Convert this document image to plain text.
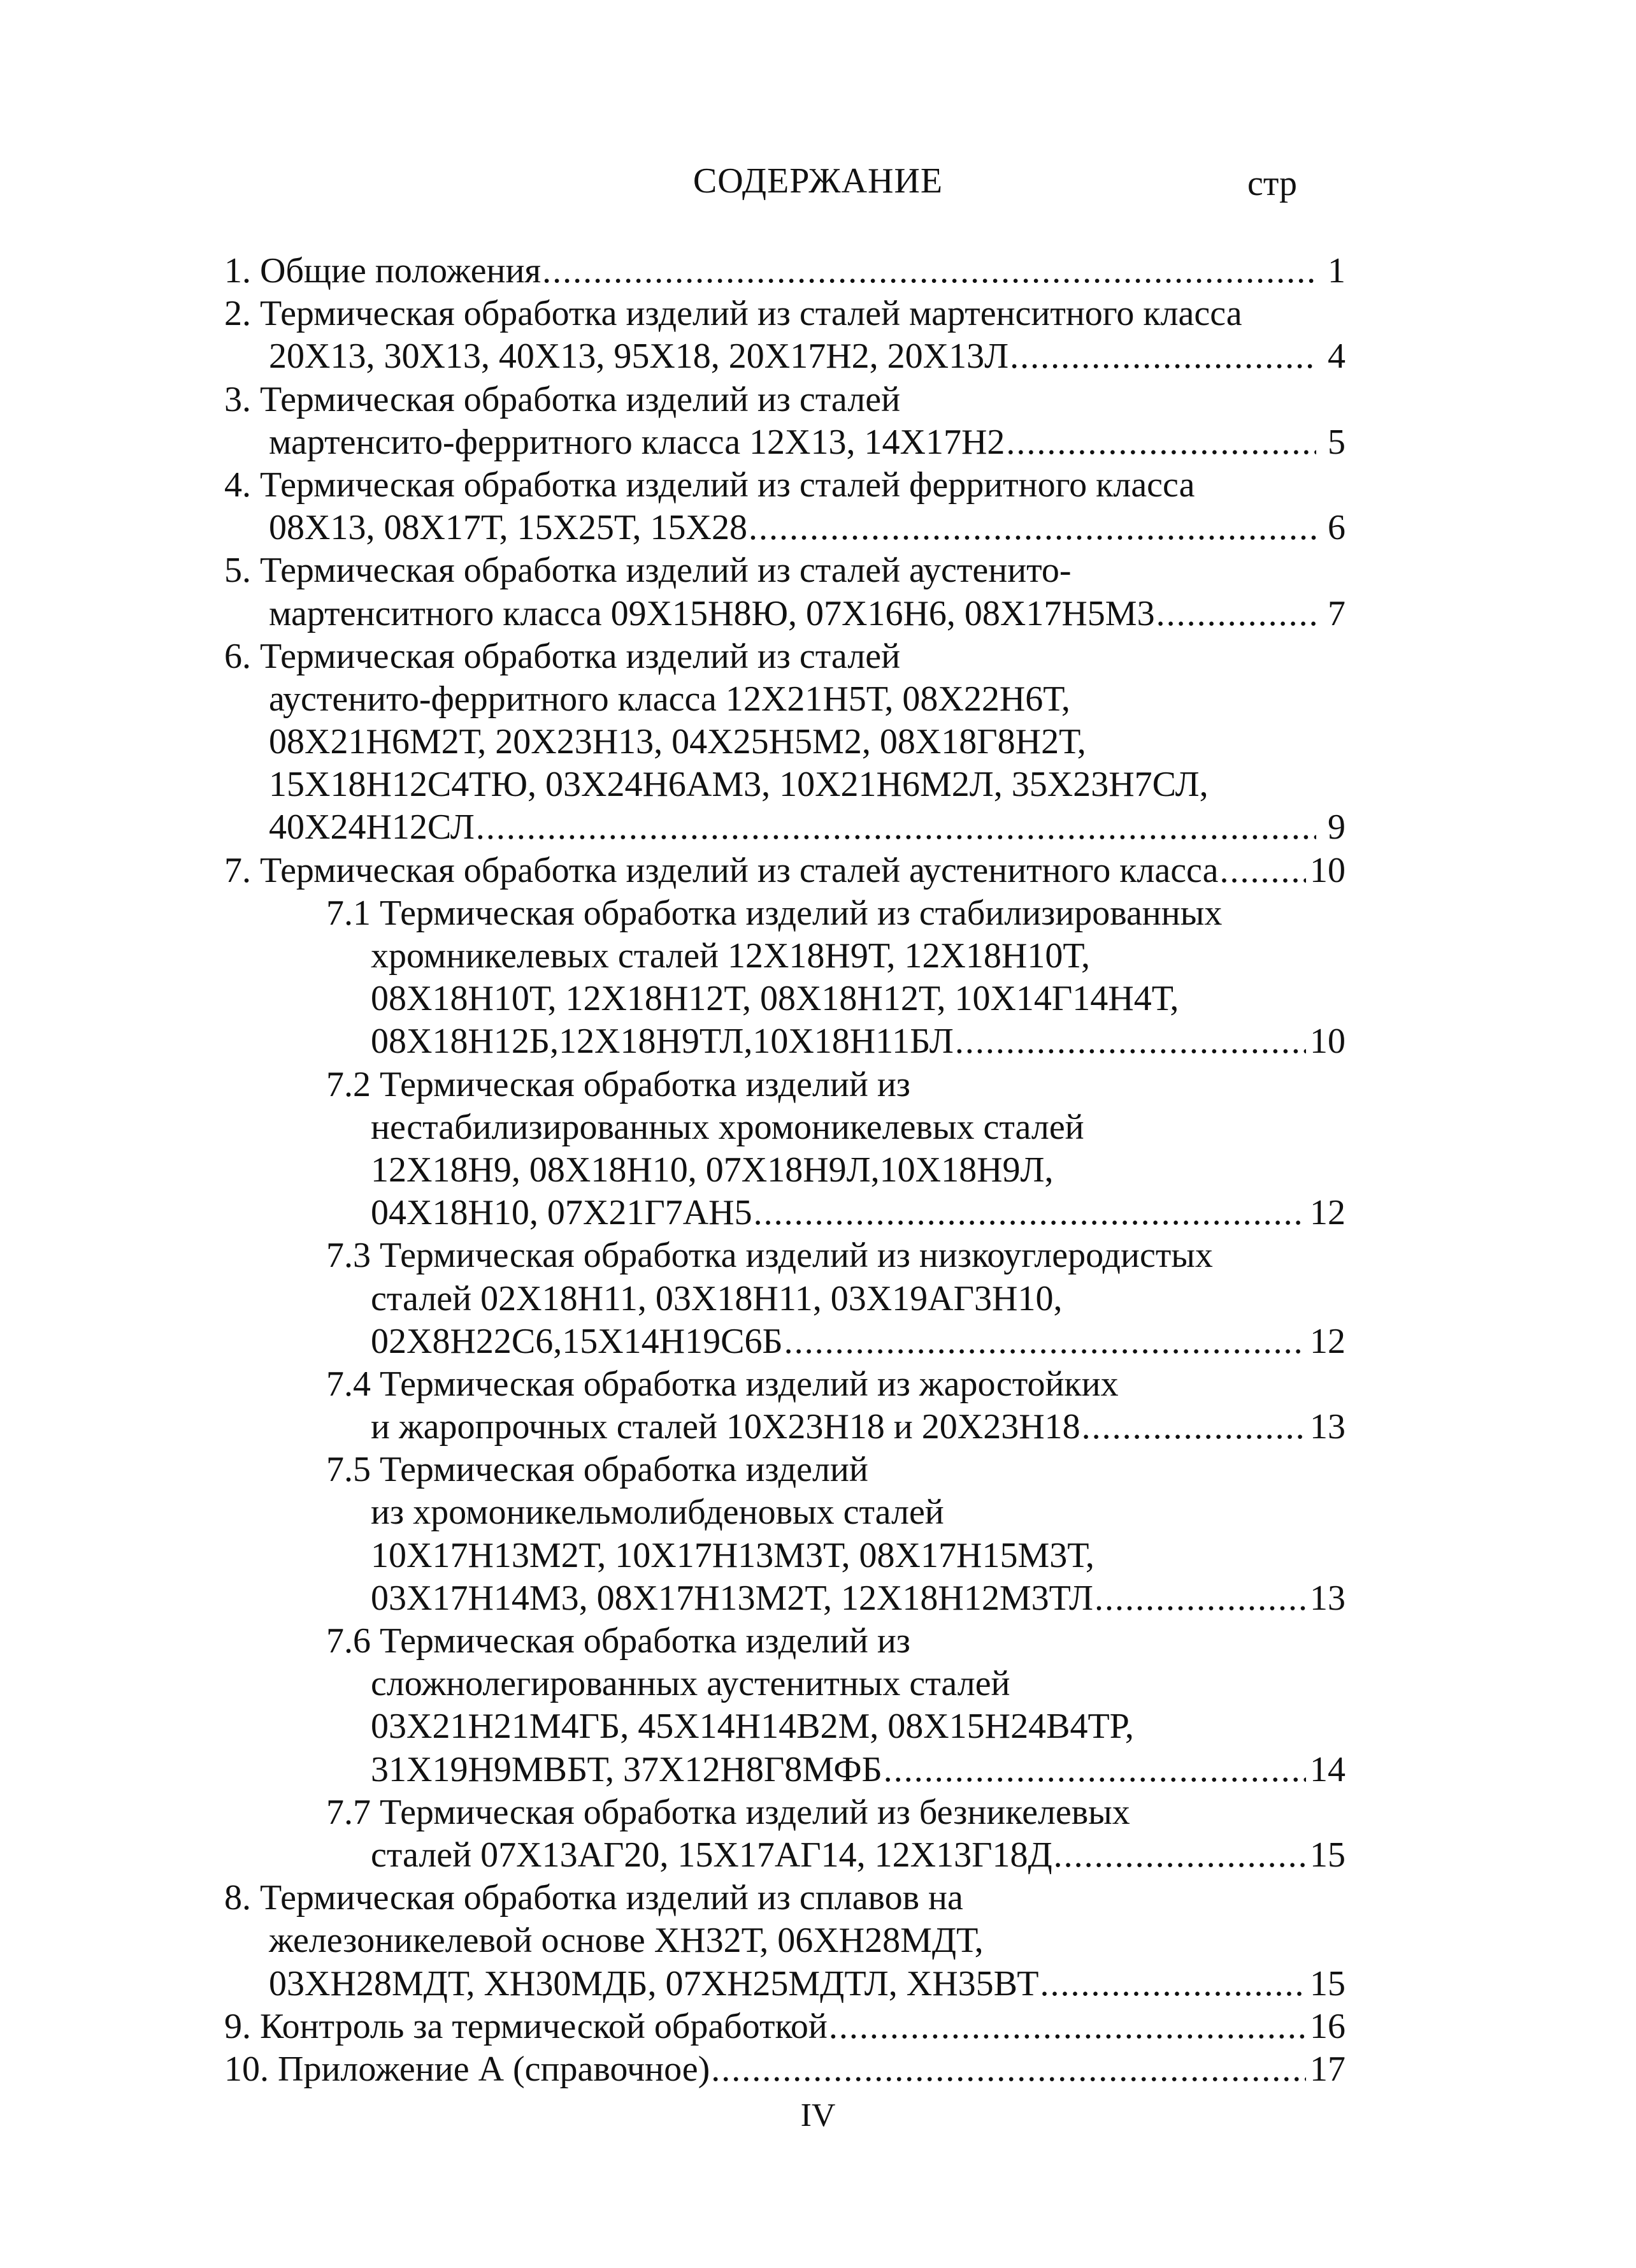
СОДЕРЖАНИЕ	стр
1. Общие положения .....	1
2. Термическая обработка изделий из сталей мартенситного класса
20Х13, 30Х13, 40Х13, 95Х18, 20Х17Н2, 20Х13Л .....	4
3. Термическая обработка изделий из сталей
мартенсито-ферритного класса 12Х13, 14Х17Н2 .....	5
4. Термическая обработка изделий из сталей ферритного класса
08Х13, 08Х17Т, 15Х25Т, 15Х28 .....	6
5. Термическая обработка изделий из сталей аустенито-
мартенситного класса 09Х15Н8Ю, 07Х16Н6, 08Х17Н5М3 .....	7
6. Термическая обработка изделий из сталей
аустенито-ферритного класса 12Х21Н5Т, 08Х22Н6Т,
08Х21Н6М2Т, 20Х23Н13, 04Х25Н5М2, 08Х18Г8Н2Т,
15Х18Н12С4ТЮ, 03Х24Н6АМ3, 10Х21Н6М2Л, 35Х23Н7СЛ,
40Х24Н12СЛ .....	9
7. Термическая обработка изделий из сталей аустенитного класса .....	10
7.1 Термическая обработка изделий из стабилизированных
хромникелевых сталей 12Х18Н9Т, 12Х18Н10Т,
08Х18Н10Т, 12Х18Н12Т, 08Х18Н12Т, 10Х14Г14Н4Т,
08Х18Н12Б,12Х18Н9ТЛ,10Х18Н11БЛ .....	10
7.2 Термическая обработка изделий из
нестабилизированных хромоникелевых сталей
12Х18Н9, 08Х18Н10, 07Х18Н9Л,10Х18Н9Л,
04Х18Н10, 07Х21Г7АН5 .....	12
7.3 Термическая обработка изделий из низкоуглеродистых
сталей 02Х18Н11, 03Х18Н11, 03Х19АГ3Н10,
02Х8Н22С6,15Х14Н19С6Б .....	12
7.4 Термическая обработка изделий из жаростойких
и жаропрочных сталей 10Х23Н18 и 20Х23Н18 .....	13
7.5 Термическая обработка изделий
из хромоникельмолибденовых сталей
10Х17Н13М2Т, 10Х17Н13М3Т, 08Х17Н15М3Т,
03Х17Н14М3, 08Х17Н13М2Т, 12Х18Н12М3ТЛ .....	13
7.6 Термическая обработка изделий из
сложнолегированных аустенитных сталей
03Х21Н21М4ГБ, 45Х14Н14В2М, 08Х15Н24В4ТР,
31Х19Н9МВБТ, 37Х12Н8Г8МФБ .....	14
7.7 Термическая обработка изделий из безникелевых
сталей 07Х13АГ20, 15Х17АГ14, 12Х13Г18Д .....	15
8. Термическая обработка изделий из сплавов на
железоникелевой основе ХН32Т, 06ХН28МДТ,
03ХН28МДТ, ХН30МДБ, 07ХН25МДТЛ, ХН35ВТ .....	15
9. Контроль за термической обработкой .....	16
10. Приложение А (справочное) .....	17
IV
